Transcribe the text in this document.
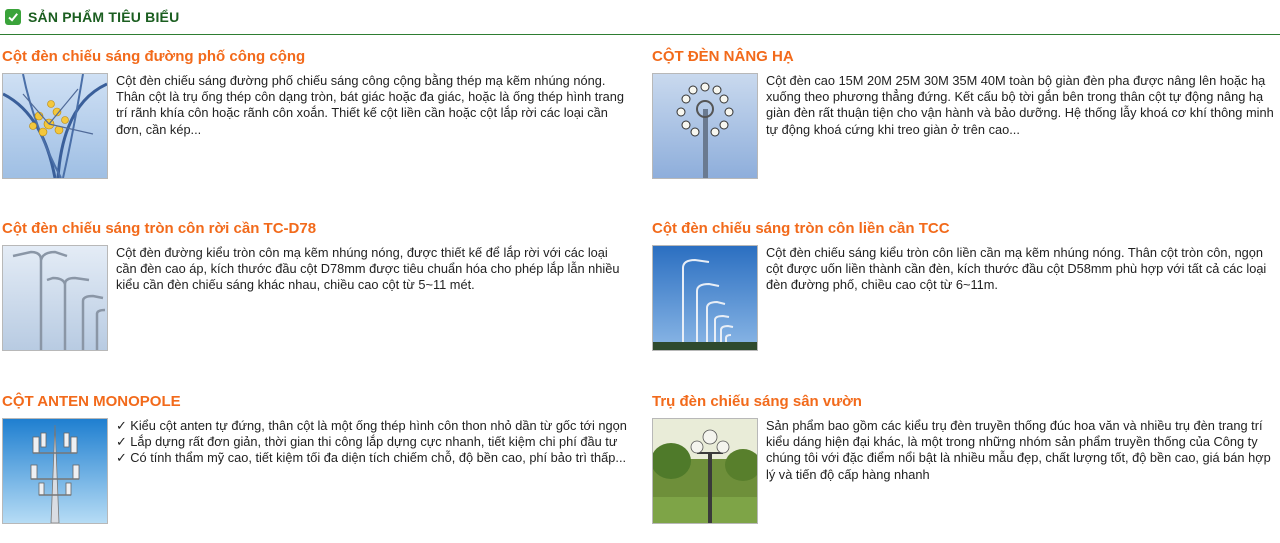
SẢN PHẨM TIÊU BIỂU
Cột đèn chiếu sáng đường phố công cộng
Cột đèn chiếu sáng đường phố chiếu sáng công cộng bằng thép mạ kẽm nhúng nóng. Thân cột là trụ ống thép côn dạng tròn, bát giác hoặc đa giác, hoặc là ống thép hình trang trí rãnh khía côn hoặc rãnh côn xoắn. Thiết kế cột liền cần hoặc cột lắp rời các loại cần đơn, cần kép...
CỘT ĐÈN NÂNG HẠ
Cột đèn cao 15M 20M 25M 30M 35M 40M toàn bộ giàn đèn pha được nâng lên hoặc hạ xuống theo phương thẳng đứng. Kết cấu bộ tời gắn bên trong thân cột tự động nâng hạ giàn đèn rất thuận tiện cho vận hành và bảo dưỡng. Hệ thống lẫy khoá cơ khí thông minh tự động khoá cứng khi treo giàn ở trên cao...
Cột đèn chiếu sáng tròn côn rời cần TC-D78
Cột đèn đường kiểu tròn côn mạ kẽm nhúng nóng, được thiết kế để lắp rời với các loại cần đèn cao áp, kích thước đầu cột D78mm được tiêu chuẩn hóa cho phép lắp lẫn nhiều kiểu cần đèn chiếu sáng khác nhau, chiều cao cột từ 5~11 mét.
Cột đèn chiếu sáng tròn côn liền cần TCC
Cột đèn chiếu sáng kiểu tròn côn liền cần mạ kẽm nhúng nóng. Thân cột tròn côn, ngọn cột được uốn liền thành cần đèn, kích thước đầu cột D58mm phù hợp với tất cả các loại đèn đường phố, chiều cao cột từ 6~11m.
CỘT ANTEN MONOPOLE
✓ Kiểu cột anten tự đứng, thân cột là một ống thép hình côn thon nhỏ dần từ gốc tới ngọn ✓ Lắp dựng rất đơn giản, thời gian thi công lắp dựng cực nhanh, tiết kiệm chi phí đầu tư ✓ Có tính thẩm mỹ cao, tiết kiệm tối đa diện tích chiếm chỗ, độ bền cao, phí bảo trì thấp...
Trụ đèn chiếu sáng sân vườn
Sản phẩm bao gồm các kiểu trụ đèn truyền thống đúc hoa văn và nhiều trụ đèn trang trí kiểu dáng hiện đại khác, là một trong những nhóm sản phẩm truyền thống của Công ty chúng tôi với đặc điểm nổi bật là nhiều mẫu đẹp, chất lượng tốt, độ bền cao, giá bán hợp lý và tiến độ cấp hàng nhanh
